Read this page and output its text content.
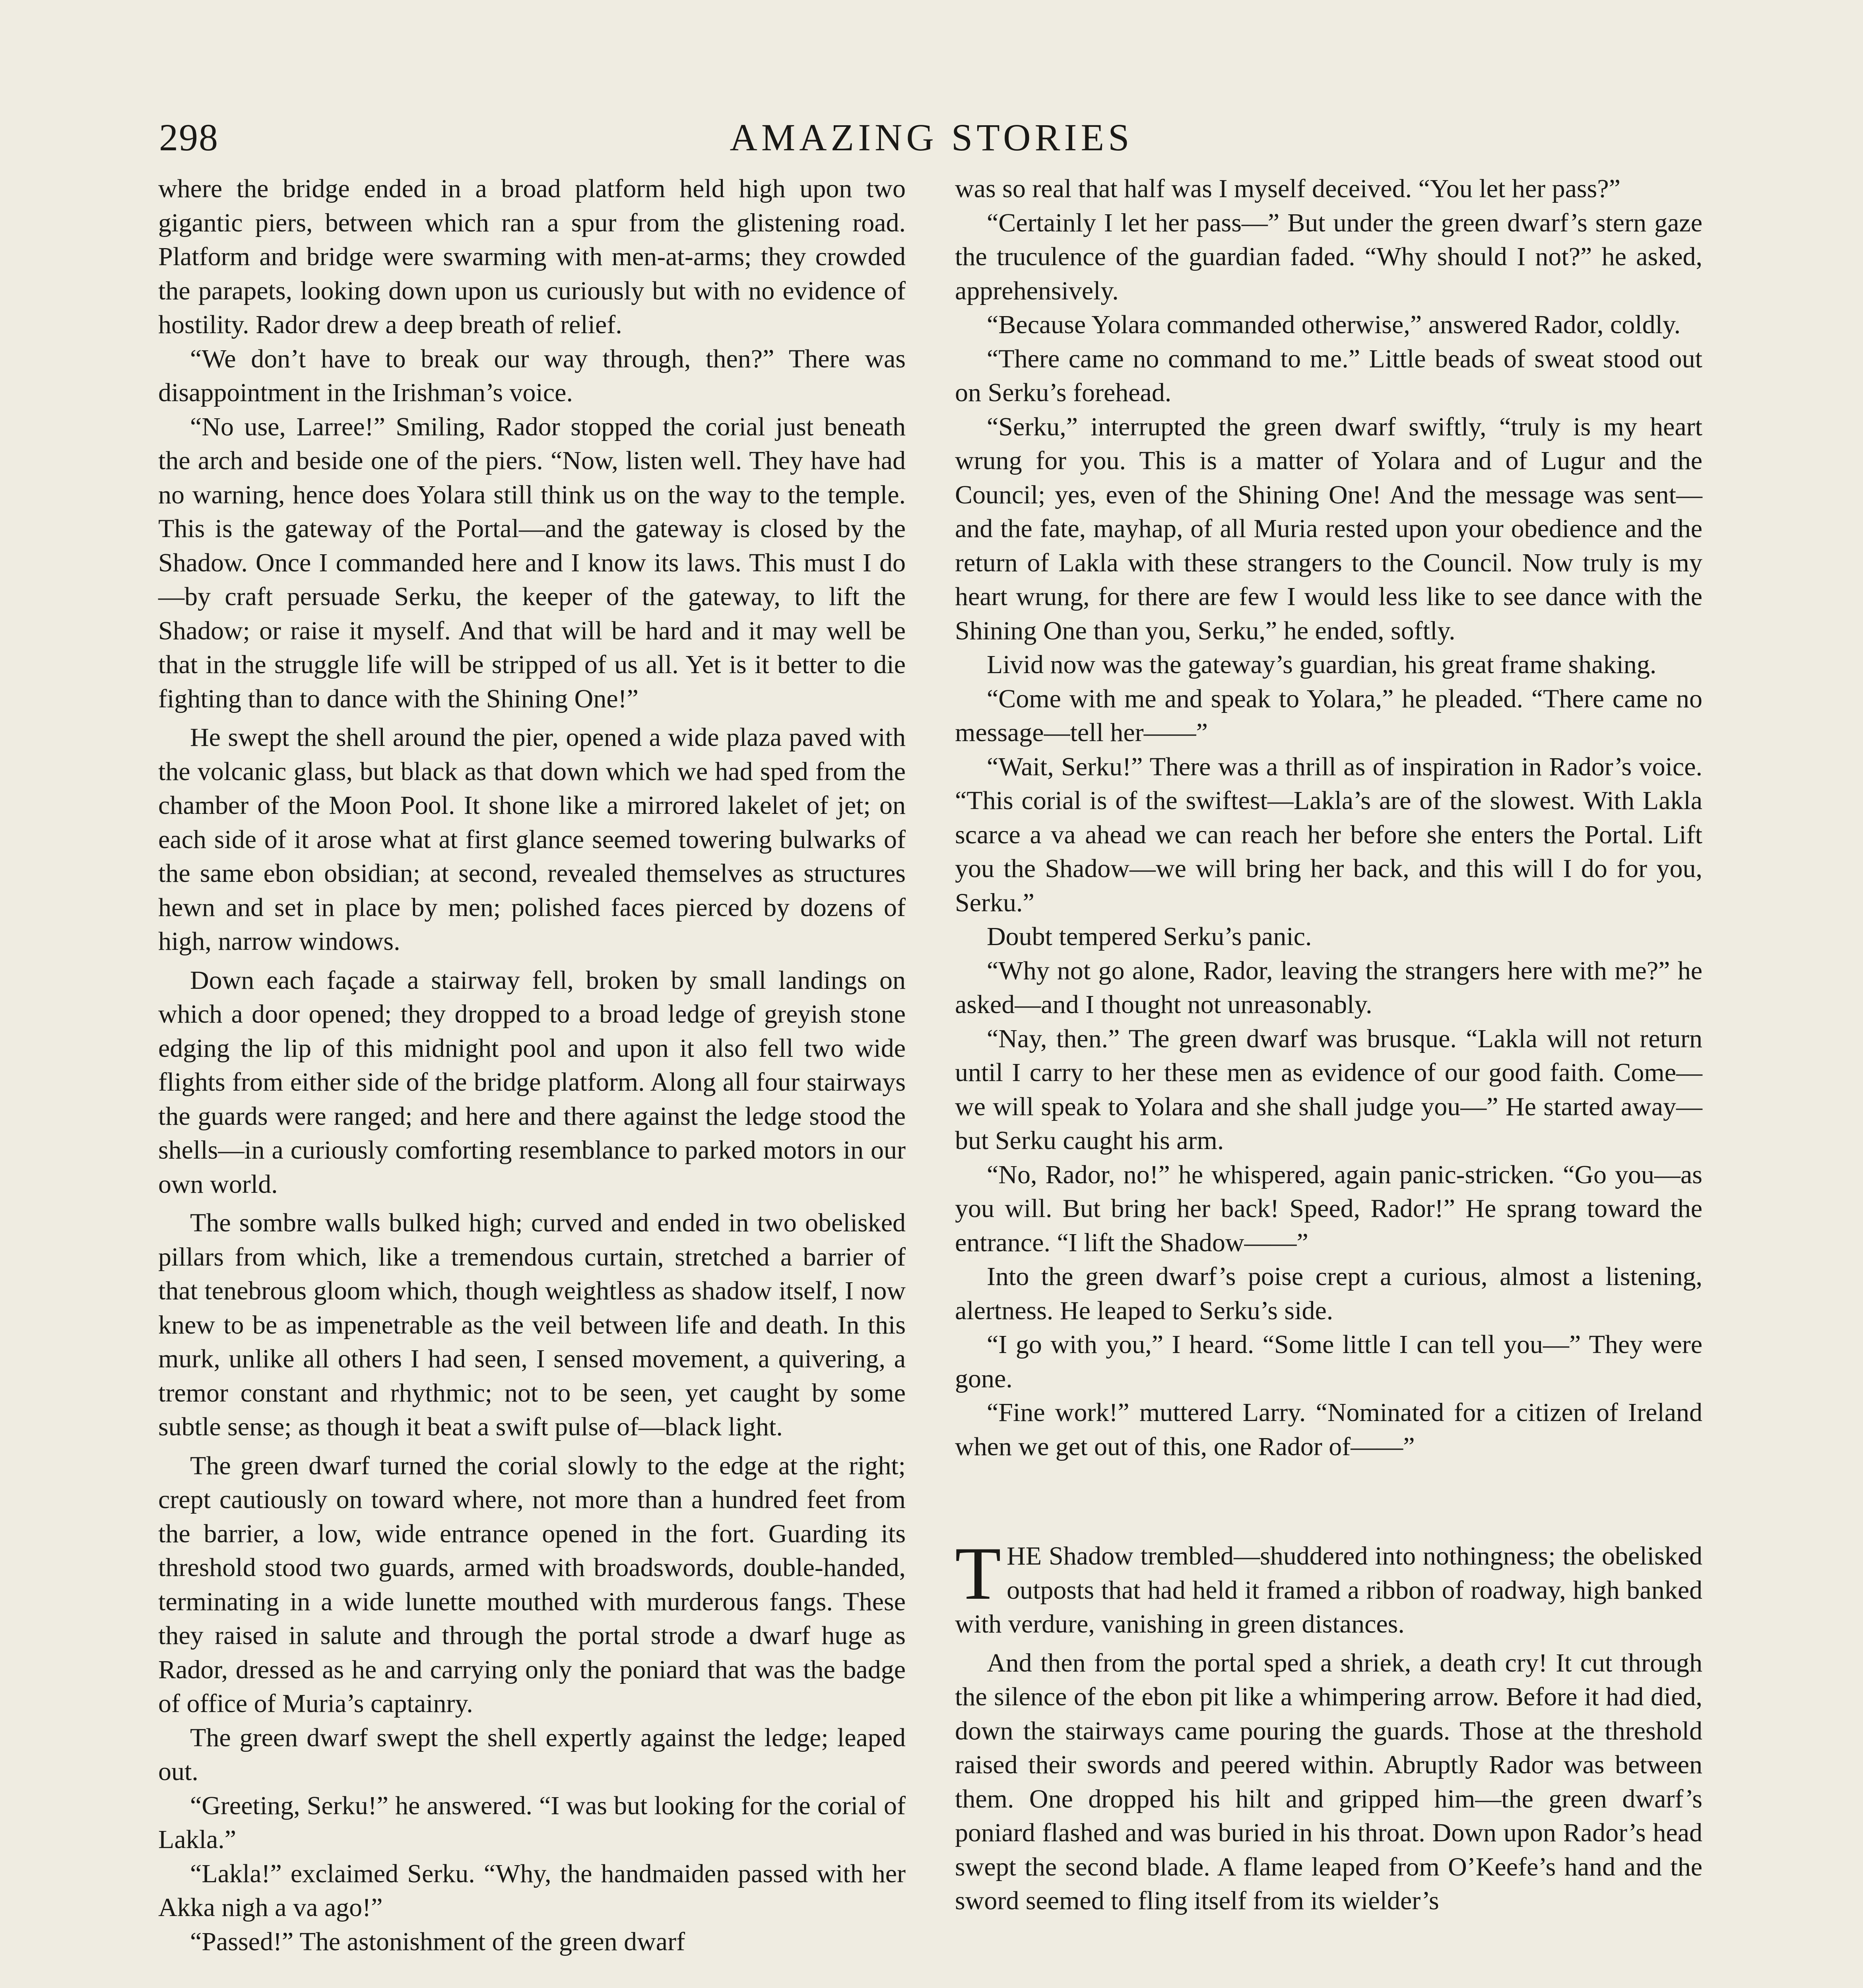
298	AMAZING STORIES

where the bridge ended in a broad platform held high upon two gigantic piers, between which ran a spur from the glistening road. Platform and bridge were swarming with men-at-arms; they crowded the parapets, looking down upon us curiously but with no evidence of hostility. Rador drew a deep breath of relief.

“We don’t have to break our way through, then?” There was disappointment in the Irishman’s voice.

“No use, Larree!” Smiling, Rador stopped the corial just beneath the arch and beside one of the piers. “Now, listen well. They have had no warning, hence does Yolara still think us on the way to the temple. This is the gateway of the Portal—and the gateway is closed by the Shadow. Once I commanded here and I know its laws. This must I do—by craft persuade Serku, the keeper of the gateway, to lift the Shadow; or raise it myself. And that will be hard and it may well be that in the struggle life will be stripped of us all. Yet is it better to die fighting than to dance with the Shining One!”

He swept the shell around the pier, opened a wide plaza paved with the volcanic glass, but black as that down which we had sped from the chamber of the Moon Pool. It shone like a mirrored lakelet of jet; on each side of it arose what at first glance seemed towering bulwarks of the same ebon obsidian; at second, revealed themselves as structures hewn and set in place by men; polished faces pierced by dozens of high, narrow windows.

Down each façade a stairway fell, broken by small landings on which a door opened; they dropped to a broad ledge of greyish stone edging the lip of this midnight pool and upon it also fell two wide flights from either side of the bridge platform. Along all four stairways the guards were ranged; and here and there against the ledge stood the shells—in a curiously comforting resemblance to parked motors in our own world.

The sombre walls bulked high; curved and ended in two obelisked pillars from which, like a tremendous curtain, stretched a barrier of that tenebrous gloom which, though weightless as shadow itself, I now knew to be as impenetrable as the veil between life and death. In this murk, unlike all others I had seen, I sensed movement, a quivering, a tremor constant and rhythmic; not to be seen, yet caught by some subtle sense; as though it beat a swift pulse of—black light.

The green dwarf turned the corial slowly to the edge at the right; crept cautiously on toward where, not more than a hundred feet from the barrier, a low, wide entrance opened in the fort. Guarding its threshold stood two guards, armed with broadswords, double-handed, terminating in a wide lunette mouthed with murderous fangs. These they raised in salute and through the portal strode a dwarf huge as Rador, dressed as he and carrying only the poniard that was the badge of office of Muria’s captainry.

The green dwarf swept the shell expertly against the ledge; leaped out.

“Greeting, Serku!” he answered. “I was but looking for the corial of Lakla.”

“Lakla!” exclaimed Serku. “Why, the handmaiden passed with her Akka nigh a va ago!”

“Passed!” The astonishment of the green dwarf

was so real that half was I myself deceived. “You let her pass?”

“Certainly I let her pass—” But under the green dwarf’s stern gaze the truculence of the guardian faded. “Why should I not?” he asked, apprehensively.

“Because Yolara commanded otherwise,” answered Rador, coldly.

“There came no command to me.” Little beads of sweat stood out on Serku’s forehead.

“Serku,” interrupted the green dwarf swiftly, “truly is my heart wrung for you. This is a matter of Yolara and of Lugur and the Council; yes, even of the Shining One! And the message was sent—and the fate, mayhap, of all Muria rested upon your obedience and the return of Lakla with these strangers to the Council. Now truly is my heart wrung, for there are few I would less like to see dance with the Shining One than you, Serku,” he ended, softly.

Livid now was the gateway’s guardian, his great frame shaking.

“Come with me and speak to Yolara,” he pleaded. “There came no message—tell her——”

“Wait, Serku!” There was a thrill as of inspiration in Rador’s voice. “This corial is of the swiftest—Lakla’s are of the slowest. With Lakla scarce a va ahead we can reach her before she enters the Portal. Lift you the Shadow—we will bring her back, and this will I do for you, Serku.”

Doubt tempered Serku’s panic.

“Why not go alone, Rador, leaving the strangers here with me?” he asked—and I thought not unreasonably.

“Nay, then.” The green dwarf was brusque. “Lakla will not return until I carry to her these men as evidence of our good faith. Come—we will speak to Yolara and she shall judge you—” He started away—but Serku caught his arm.

“No, Rador, no!” he whispered, again panic-stricken. “Go you—as you will. But bring her back! Speed, Rador!” He sprang toward the entrance. “I lift the Shadow——”

Into the green dwarf’s poise crept a curious, almost a listening, alertness. He leaped to Serku’s side.

“I go with you,” I heard. “Some little I can tell you—” They were gone.

“Fine work!” muttered Larry. “Nominated for a citizen of Ireland when we get out of this, one Rador of——”

THE Shadow trembled—shuddered into nothingness; the obelisked outposts that had held it framed a ribbon of roadway, high banked with verdure, vanishing in green distances.

And then from the portal sped a shriek, a death cry! It cut through the silence of the ebon pit like a whimpering arrow. Before it had died, down the stairways came pouring the guards. Those at the threshold raised their swords and peered within. Abruptly Rador was between them. One dropped his hilt and gripped him—the green dwarf’s poniard flashed and was buried in his throat. Down upon Rador’s head swept the second blade. A flame leaped from O’Keefe’s hand and the sword seemed to fling itself from its wielder’s
